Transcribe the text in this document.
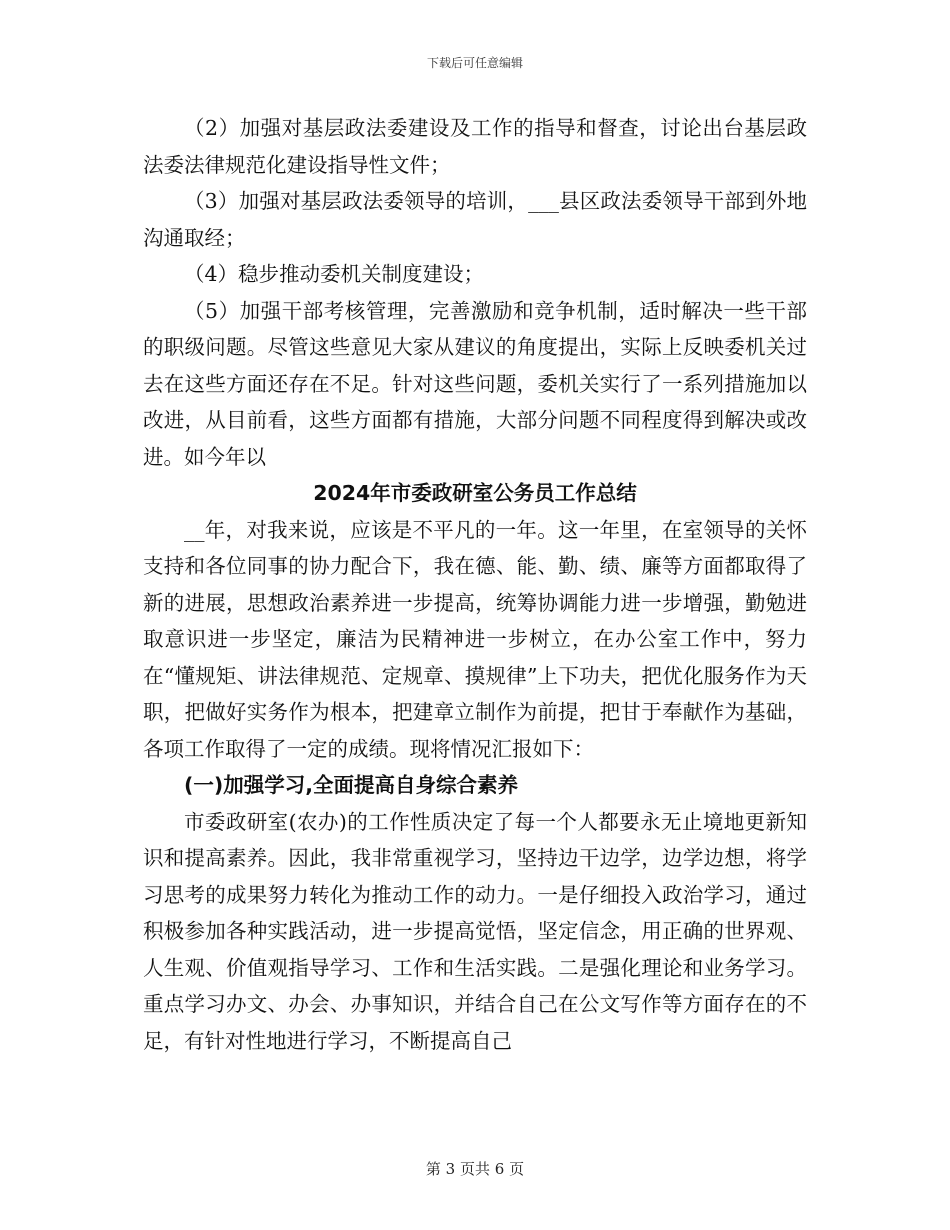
下载后可任意编辑

（2）加强对基层政法委建设及工作的指导和督查，讨论出台基层政法委法律规范化建设指导性文件；

（3）加强对基层政法委领导的培训，___县区政法委领导干部到外地沟通取经；

（4）稳步推动委机关制度建设；

（5）加强干部考核管理，完善激励和竞争机制，适时解决一些干部的职级问题。尽管这些意见大家从建议的角度提出，实际上反映委机关过去在这些方面还存在不足。针对这些问题，委机关实行了一系列措施加以改进，从目前看，这些方面都有措施，大部分问题不同程度得到解决或改进。如今年以

2024年市委政研室公务员工作总结

__年，对我来说，应该是不平凡的一年。这一年里，在室领导的关怀支持和各位同事的协力配合下，我在德、能、勤、绩、廉等方面都取得了新的进展，思想政治素养进一步提高，统筹协调能力进一步增强，勤勉进取意识进一步坚定，廉洁为民精神进一步树立，在办公室工作中，努力在“懂规矩、讲法律规范、定规章、摸规律”上下功夫，把优化服务作为天职，把做好实务作为根本，把建章立制作为前提，把甘于奉献作为基础，各项工作取得了一定的成绩。现将情况汇报如下：

(一)加强学习,全面提高自身综合素养

市委政研室(农办)的工作性质决定了每一个人都要永无止境地更新知识和提高素养。因此，我非常重视学习，坚持边干边学，边学边想，将学习思考的成果努力转化为推动工作的动力。一是仔细投入政治学习，通过积极参加各种实践活动，进一步提高觉悟，坚定信念，用正确的世界观、人生观、价值观指导学习、工作和生活实践。二是强化理论和业务学习。重点学习办文、办会、办事知识，并结合自己在公文写作等方面存在的不足，有针对性地进行学习，不断提高自己

第 3 页共 6 页
